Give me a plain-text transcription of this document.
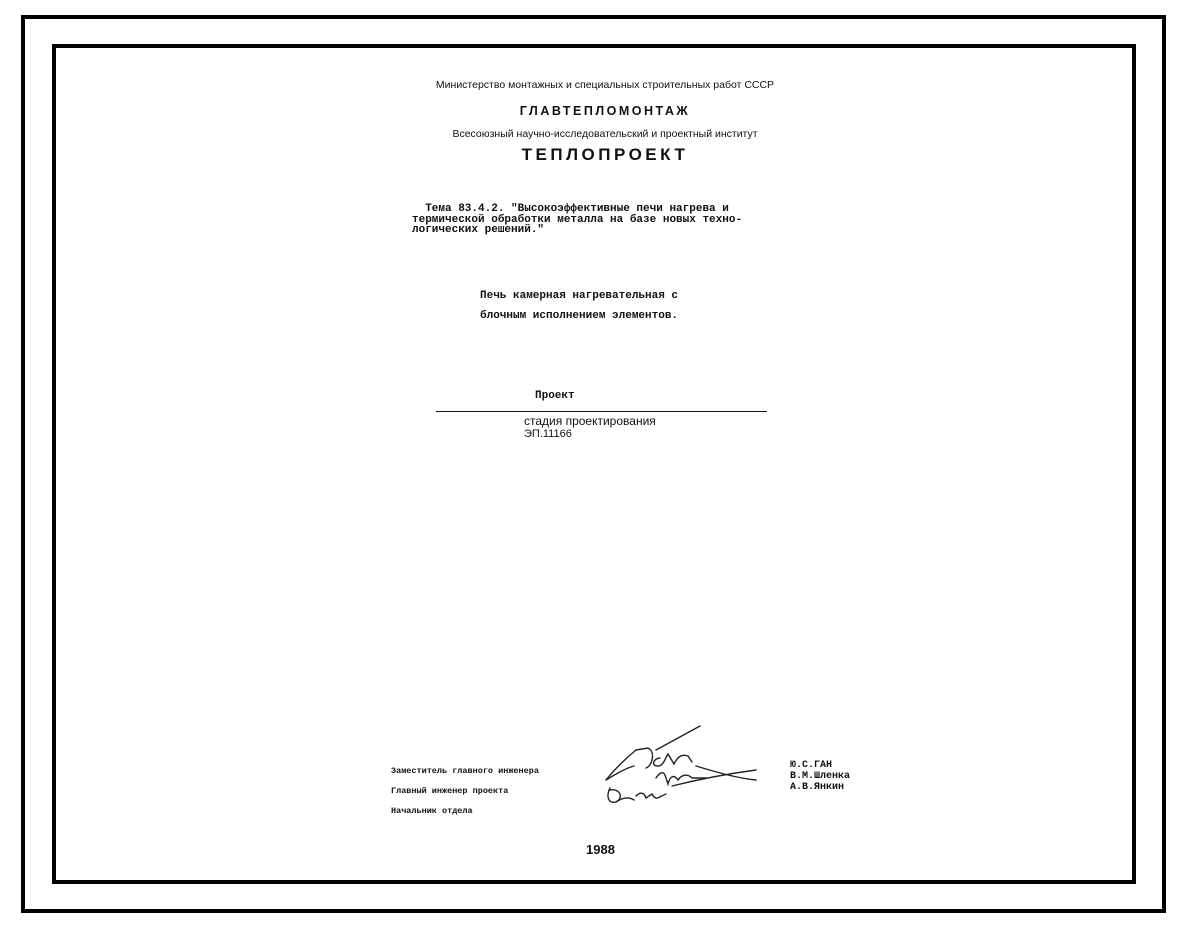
Министерство монтажных и специальных строительных работ СССР
ГЛАВТЕПЛОМОНТАЖ
Всесоюзный научно-исследовательский и проектный институт
ТЕПЛОПРОЕКТ
Тема 83.4.2. "Высокоэффективные печи нагрева и
термической обработки металла на базе новых техно-
логических решений."
Печь камерная нагревательная с
блочным исполнением элементов.
Проект
стадия проектирования
ЭП.11166
Заместитель главного инженера
Главный инженер проекта
Начальник отдела
Ю.С.ГАН
В.М.Шленка
А.В.Янкин
1988
